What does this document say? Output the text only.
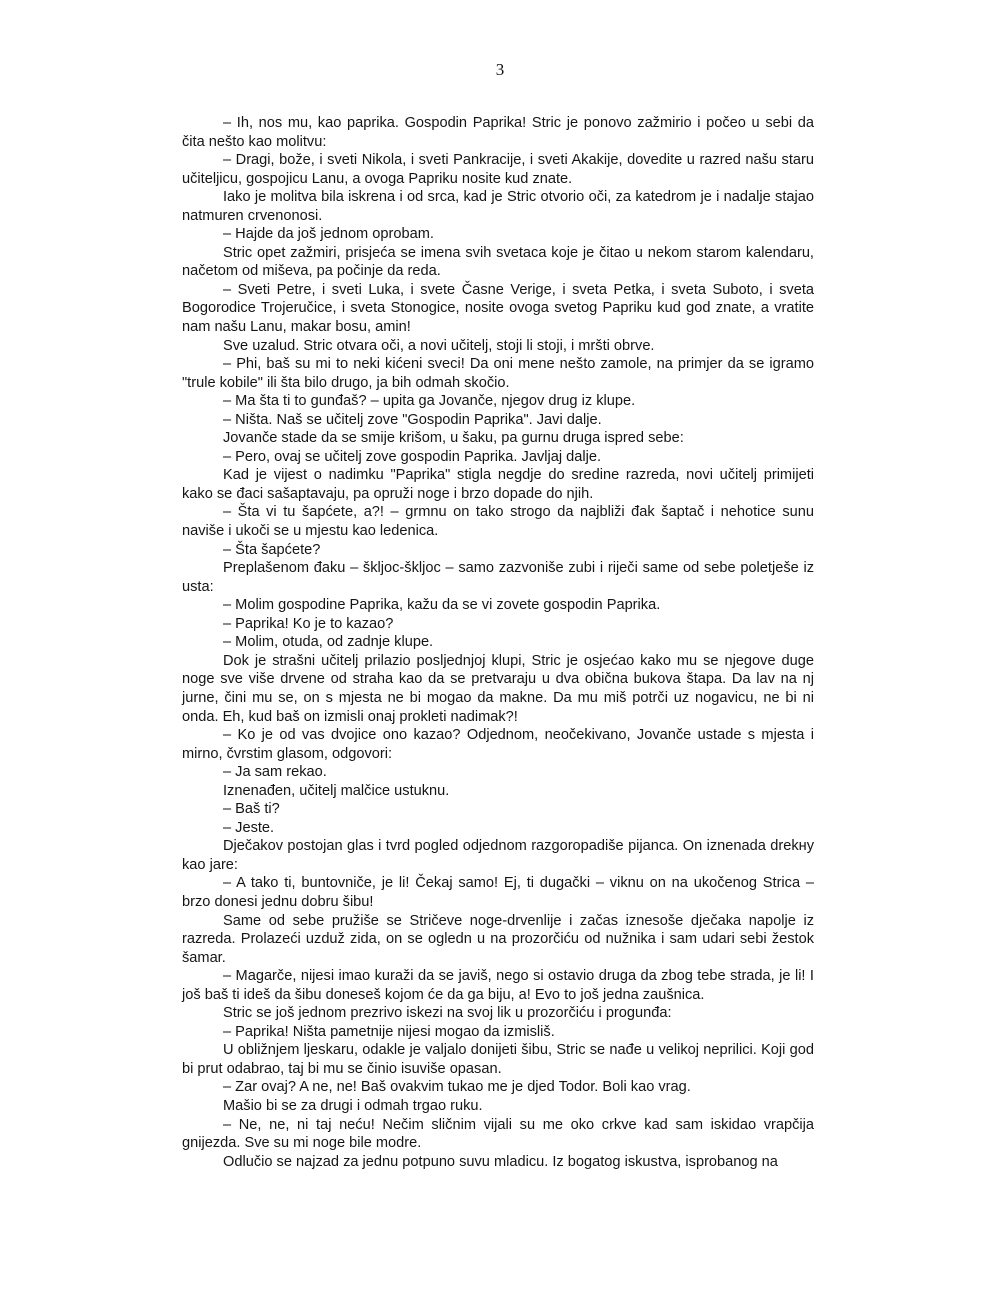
3

– Ih, nos mu, kao paprika. Gospodin Paprika! Stric je ponovo zažmirio i počeo u sebi da čita nešto kao molitvu:

– Dragi, bože, i sveti Nikola, i sveti Pankracije, i sveti Akakije, dovedite u razred našu staru učiteljicu, gospojicu Lanu, a ovoga Papriku nosite kud znate.

Iako je molitva bila iskrena i od srca, kad je Stric otvorio oči, za katedrom je i nadalje stajao natmuren crvenonosi.

– Hajde da još jednom oprobam.

Stric opet zažmiri, prisjeća se imena svih svetaca koje je čitao u nekom starom kalendaru, načetom od miševa, pa počinje da reda.

– Sveti Petre, i sveti Luka, i svete Časne Verige, i sveta Petka, i sveta Suboto, i sveta Bogorodice Trojeručice, i sveta Stonogice, nosite ovoga svetog Papriku kud god znate, a vratite nam našu Lanu, makar bosu, amin!

Sve uzalud. Stric otvara oči, a novi učitelj, stoji li stoji, i mršti obrve.

– Phi, baš su mi to neki kićeni sveci! Da oni mene nešto zamole, na primjer da se igramo "trule kobile" ili šta bilo drugo, ja bih odmah skočio.

– Ma šta ti to gunđaš? – upita ga Jovanče, njegov drug iz klupe.

– Ništa. Naš se učitelj zove "Gospodin Paprika". Javi dalje.

Jovanče stade da se smije krišom, u šaku, pa gurnu druga ispred sebe:

– Pero, ovaj se učitelj zove gospodin Paprika. Javljaj dalje.

Kad je vijest o nadimku "Paprika" stigla negdje do sredine razreda, novi učitelj primijeti kako se đaci sašaptavaju, pa opruži noge i brzo dopade do njih.

– Šta vi tu šapćete, a?! – grmnu on tako strogo da najbliži đak šaptač i nehotice sunu naviše i ukoči se u mjestu kao ledenica.

– Šta šapćete?

Preplašenom đaku – škljoc-škljoc – samo zazvoniše zubi i riječi same od sebe poletješe iz usta:

– Molim gospodine Paprika, kažu da se vi zovete gospodin Paprika.

– Paprika! Ko je to kazao?

– Molim, otuda, od zadnje klupe.

Dok je strašni učitelj prilazio posljednjoj klupi, Stric je osjećao kako mu se njegove duge noge sve više drvene od straha kao da se pretvaraju u dva obična bukova štapa. Da lav na nj jurne, čini mu se, on s mjesta ne bi mogao da makne. Da mu miš potrči uz nogavicu, ne bi ni onda. Eh, kud baš on izmisli onaj prokleti nadimak?!

– Ko je od vas dvojice ono kazao? Odjednom, neočekivano, Jovanče ustade s mjesta i mirno, čvrstim glasom, odgovori:

– Ja sam rekao.

Iznenađen, učitelj malčice ustuknu.

– Baš ti?

– Jeste.

Dječakov postojan glas i tvrd pogled odjednom razgoropadiše pijanca. On iznenada drekну kao jare:

– A tako ti, buntovniče, je li! Čekaj samo! Ej, ti dugački – viknu on na ukočenog Strica – brzo donesi jednu dobru šibu!

Same od sebe pružiše se Stričeve noge-drvenlije i začas iznesoše dječaka napolje iz razreda. Prolazeći uzduž zida, on se ogledn u na prozorčiću od nužnika i sam udari sebi žestok šamar.

– Magarče, nijesi imao kuraži da se javiš, nego si ostavio druga da zbog tebe strada, je li! I još baš ti ideš da šibu doneseš kojom će da ga biju, a! Evo to još jedna zaušnica.

Stric se još jednom prezrivo iskezi na svoj lik u prozorčiću i progunđa:

– Paprika! Ništa pametnije nijesi mogao da izmisliš.

U obližnjem ljeskaru, odakle je valjalo donijeti šibu, Stric se nađe u velikoj neprilici. Koji god bi prut odabrao, taj bi mu se činio isuviše opasan.

– Zar ovaj? A ne, ne! Baš ovakvim tukao me je djed Todor. Boli kao vrag.

Mašio bi se za drugi i odmah trgao ruku.

– Ne, ne, ni taj neću! Nečim sličnim vijali su me oko crkve kad sam iskidao vrapčija gnijezda. Sve su mi noge bile modre.

Odlučio se najzad za jednu potpuno suvu mladicu. Iz bogatog iskustva, isprobanog na
